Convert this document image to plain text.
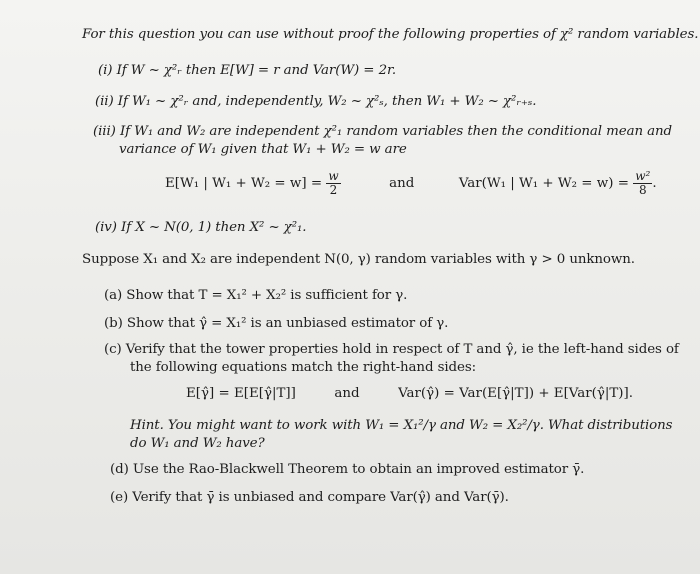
For this question you can use without proof the following properties of χ² random variables.
(i) If W ~ χ²ᵣ then E[W] = r and Var(W) = 2r.
(ii) If W₁ ~ χ²ᵣ and, independently, W₂ ~ χ²ₛ, then W₁ + W₂ ~ χ²ᵣ₊ₛ.
(iii) If W₁ and W₂ are independent χ²₁ random variables then the conditional mean and
variance of W₁ given that W₁ + W₂ = w are
E[W₁ | $W_1 + W_2 = w] = \frac{w}{2}$	and	Var(W₁ | $W_1 + W_2 = w) = \frac{\text{w²}}{8}$ .
(iv) If X ~ N(0, 1) then X² ~ χ²₁.
Suppose X₁ and X₂ are independent N(0, γ) random variables with γ > 0 unknown.
(a) Show that T = X₁² + X₂² is sufficient for γ.
(b) Show that γ̂ = X₁² is an unbiased estimator of γ.
(c) Verify that the tower properties hold in respect of T and γ̂, ie the left-hand sides of
the following equations match the right-hand sides:
E[γ̂] = E[E[γ̂|T]]	and	Var(γ̂) = Var(E[γ̂|T]) + E[Var(γ̂|T)].
Hint. You might want to work with W₁ = X₁²/γ and W₂ = X₂²/γ. What distributions
do W₁ and W₂ have?
(d) Use the Rao-Blackwell Theorem to obtain an improved estimator γ̄.
(e) Verify that γ̄ is unbiased and compare Var(γ̂) and Var(γ̄).
